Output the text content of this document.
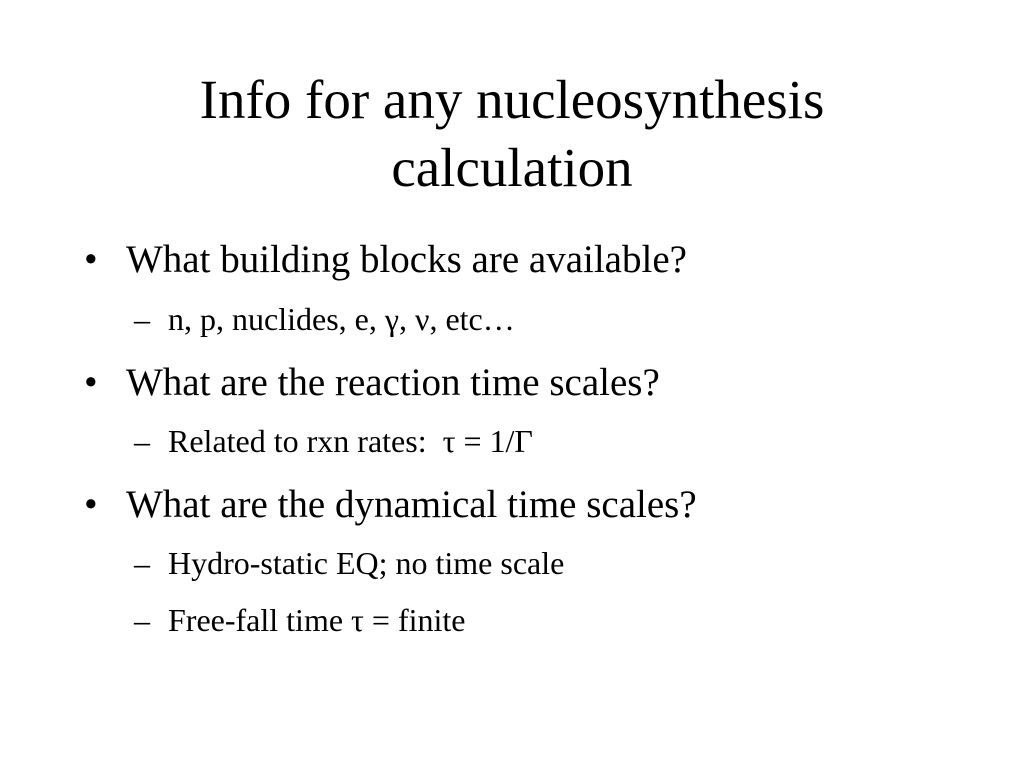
Info for any nucleosynthesis
calculation
• What building blocks are available?
– n, p, nuclides, e, γ, ν, etc…
• What are the reaction time scales?
– Related to rxn rates:  τ = 1/Γ
• What are the dynamical time scales?
– Hydro-static EQ; no time scale
– Free-fall time τ = finite
